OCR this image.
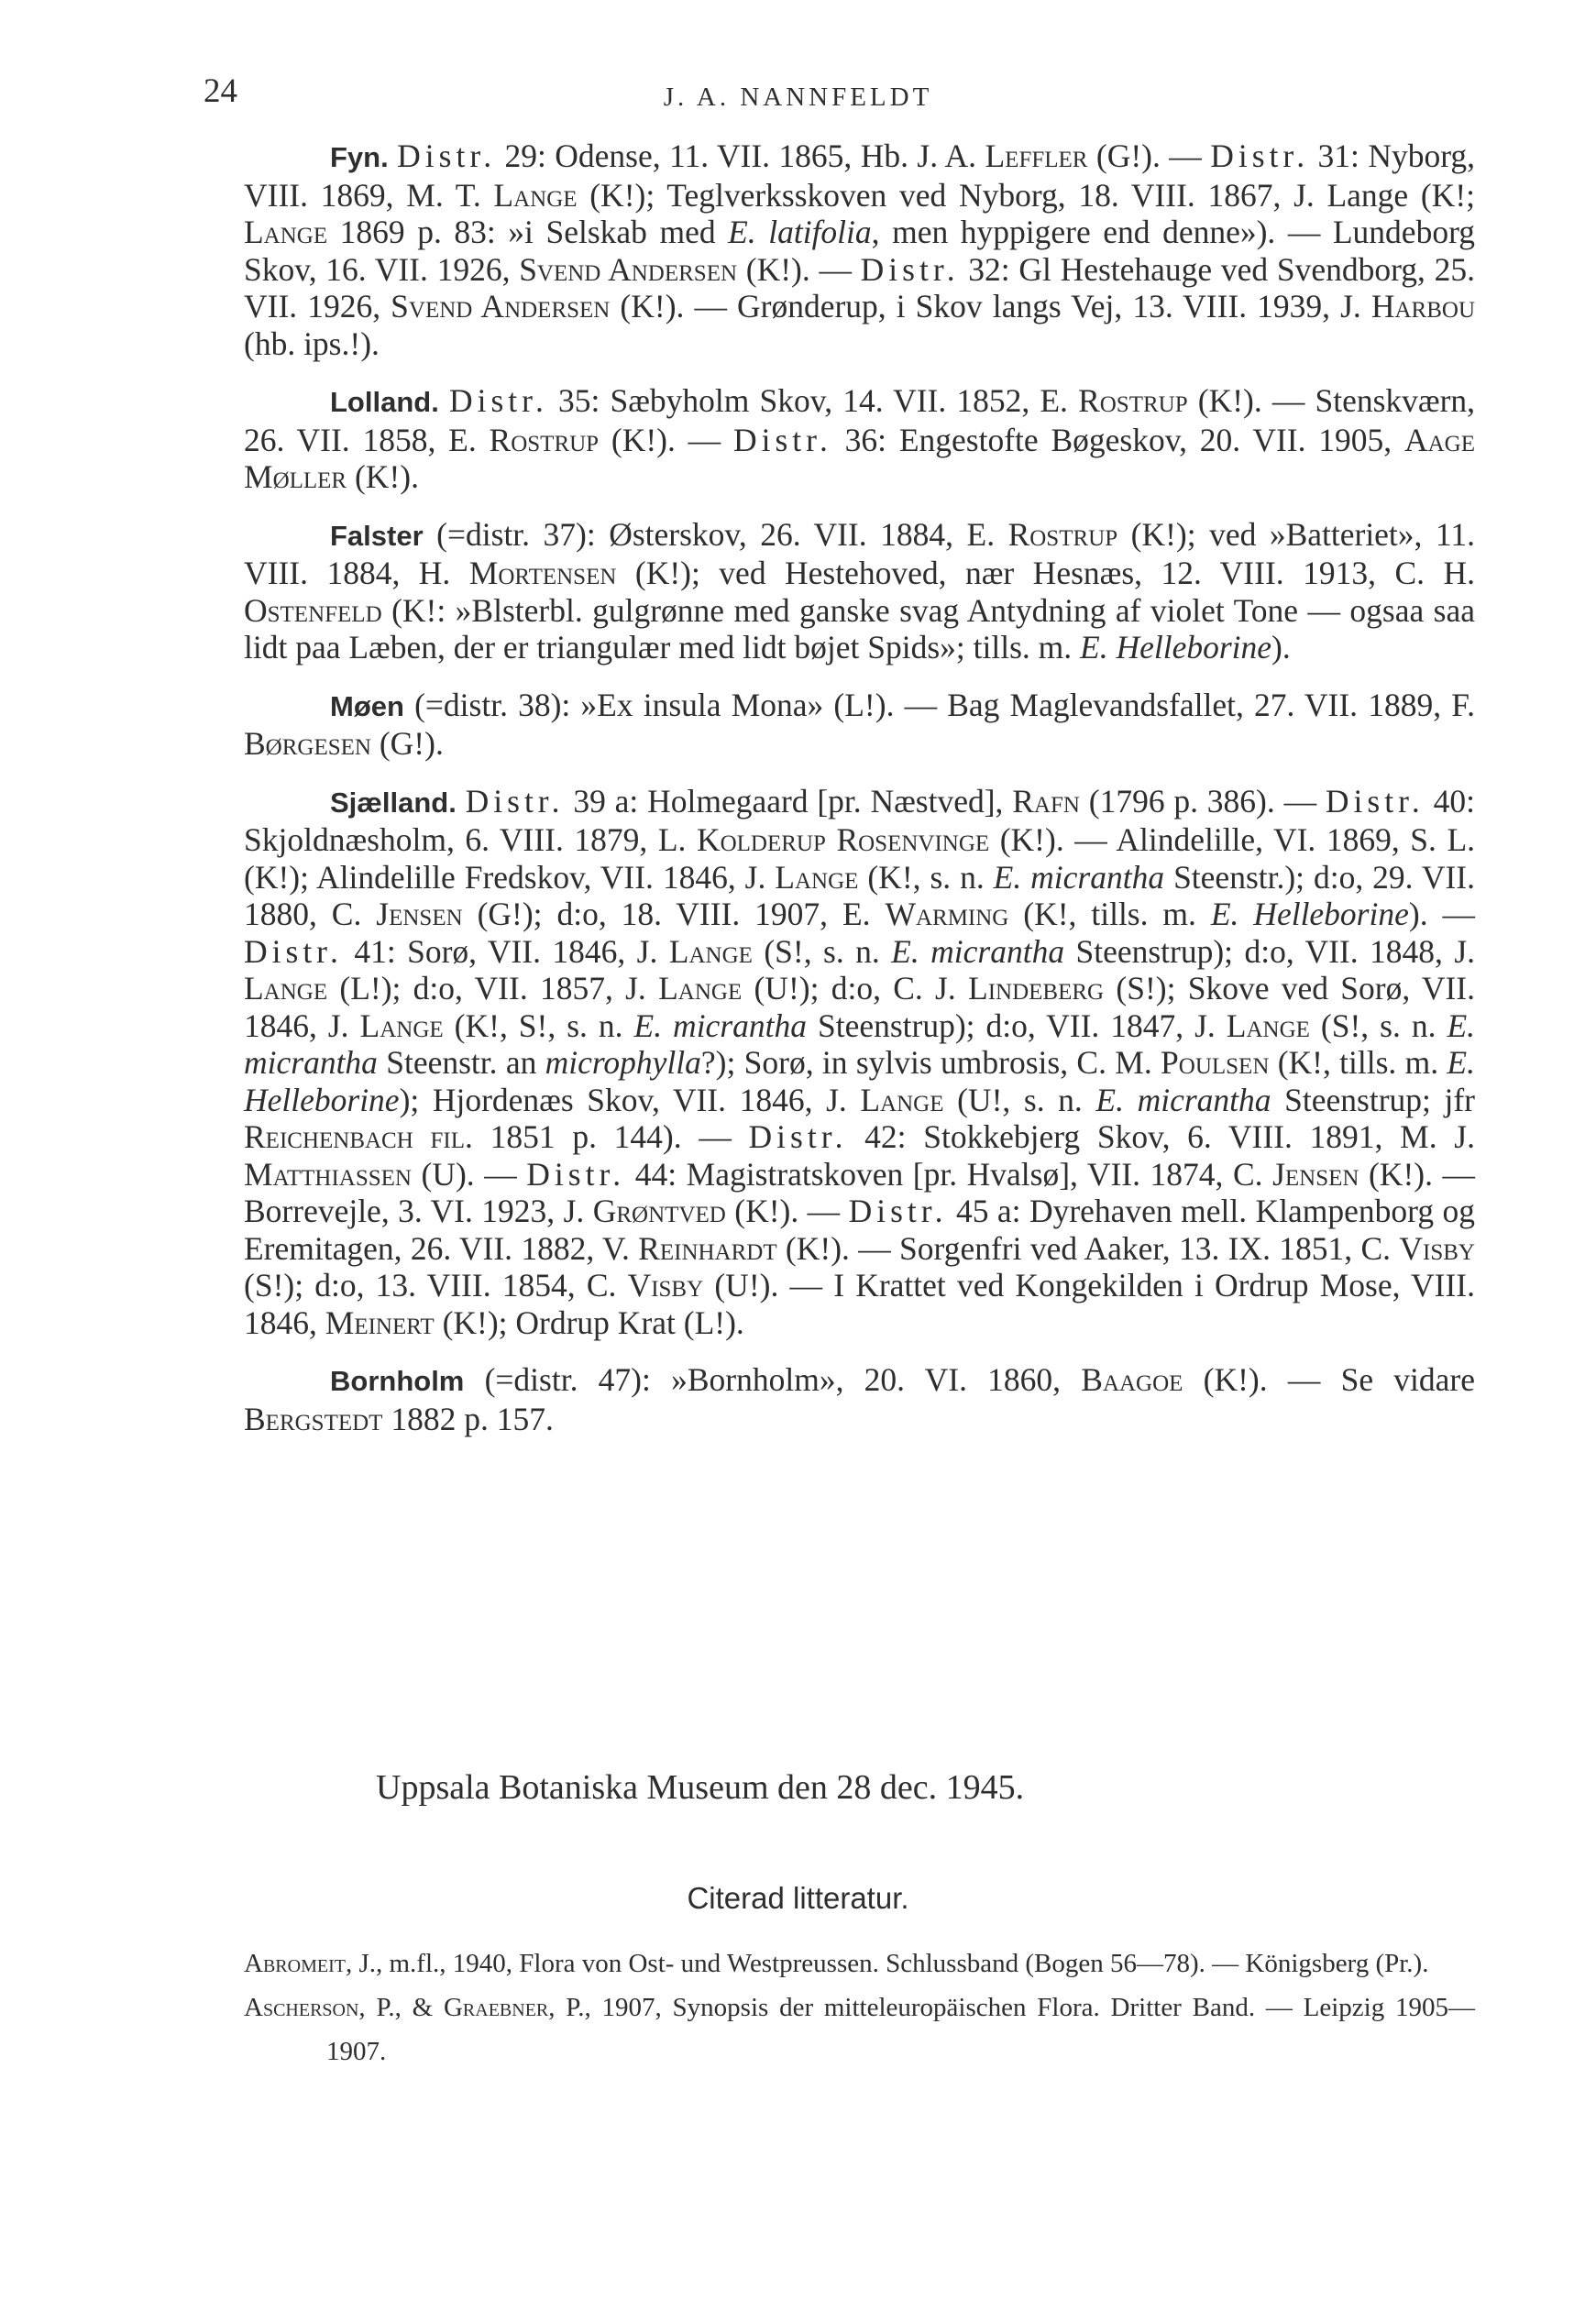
24	J. A. NANNFELDT

Fyn. Distr. 29: Odense, 11. VII. 1865, Hb. J. A. Leffler (G!). — Distr. 31: Nyborg, VIII. 1869, M. T. Lange (K!); Teglverksskoven ved Nyborg, 18. VIII. 1867, J. Lange (K!; Lange 1869 p. 83: »i Selskab med E. latifolia, men hyppigere end denne»). — Lundeborg Skov, 16. VII. 1926, Svend Andersen (K!). — Distr. 32: Gl Hestehauge ved Svendborg, 25. VII. 1926, Svend Andersen (K!). — Grønderup, i Skov langs Vej, 13. VIII. 1939, J. Harbou (hb. ips.!).

Lolland. Distr. 35: Sæbyholm Skov, 14. VII. 1852, E. Rostrup (K!). — Stenskværn, 26. VII. 1858, E. Rostrup (K!). — Distr. 36: Engestofte Bøgeskov, 20. VII. 1905, Aage Møller (K!).

Falster (=distr. 37): Østerskov, 26. VII. 1884, E. Rostrup (K!); ved »Batteriet», 11. VIII. 1884, H. Mortensen (K!); ved Hestehoved, nær Hesnæs, 12. VIII. 1913, C. H. Ostenfeld (K!: »Blsterbl. gulgrønne med ganske svag Antydning af violet Tone — ogsaa saa lidt paa Læben, der er triangulær med lidt bøjet Spids»; tills. m. E. Helleborine).

Møen (=distr. 38): »Ex insula Mona» (L!). — Bag Maglevandsfallet, 27. VII. 1889, F. Børgesen (G!).

Sjælland. Distr. 39 a: Holmegaard [pr. Næstved], Rafn (1796 p. 386). — Distr. 40: Skjoldnæsholm, 6. VIII. 1879, L. Kolderup Rosenvinge (K!). — Alindelille, VI. 1869, S. L. (K!); Alindelille Fredskov, VII. 1846, J. Lange (K!, s. n. E. micrantha Steenstr.); d:o, 29. VII. 1880, C. Jensen (G!); d:o, 18. VIII. 1907, E. Warming (K!, tills. m. E. Helleborine). — Distr. 41: Sorø, VII. 1846, J. Lange (S!, s. n. E. micrantha Steenstrup); d:o, VII. 1848, J. Lange (L!); d:o, VII. 1857, J. Lange (U!); d:o, C. J. Lindeberg (S!); Skove ved Sorø, VII. 1846, J. Lange (K!, S!, s. n. E. micrantha Steenstrup); d:o, VII. 1847, J. Lange (S!, s. n. E. micrantha Steenstr. an microphylla?); Sorø, in sylvis umbrosis, C. M. Poulsen (K!, tills. m. E. Helleborine); Hjordenæs Skov, VII. 1846, J. Lange (U!, s. n. E. micrantha Steenstrup; jfr Reichenbach fil. 1851 p. 144). — Distr. 42: Stokkebjerg Skov, 6. VIII. 1891, M. J. Matthiassen (U). — Distr. 44: Magistratskoven [pr. Hvalsø], VII. 1874, C. Jensen (K!). — Borrevejle, 3. VI. 1923, J. Grøntved (K!). — Distr. 45 a: Dyrehaven mell. Klampenborg og Eremitagen, 26. VII. 1882, V. Reinhardt (K!). — Sorgenfri ved Aaker, 13. IX. 1851, C. Visby (S!); d:o, 13. VIII. 1854, C. Visby (U!). — I Krattet ved Kongekilden i Ordrup Mose, VIII. 1846, Meinert (K!); Ordrup Krat (L!).

Bornholm (=distr. 47): »Bornholm», 20. VI. 1860, Baagoe (K!). — Se vidare Bergstedt 1882 p. 157.

Uppsala Botaniska Museum den 28 dec. 1945.
Citerad litteratur.

Abromeit, J., m.fl., 1940, Flora von Ost- und Westpreussen. Schlussband (Bogen 56—78). — Königsberg (Pr.).

Ascherson, P., & Graebner, P., 1907, Synopsis der mitteleuropäischen Flora. Dritter Band. — Leipzig 1905—1907.
